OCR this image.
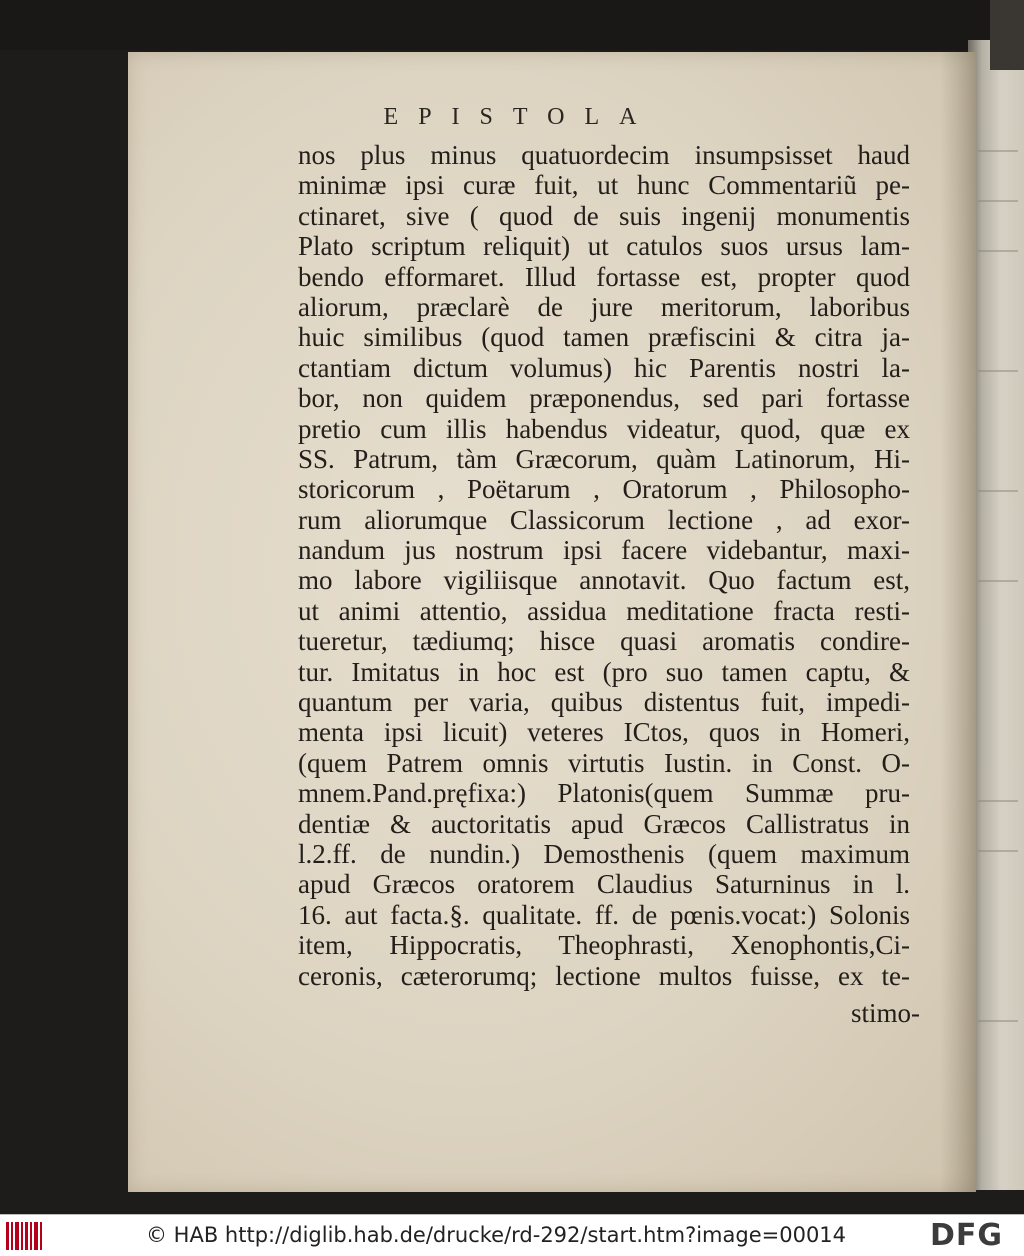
EPISTOLA
nos plus minus quatuordecim insumpsisset haud
minimæ ipsi curæ fuit, ut hunc Commentariũ pe-
ctinaret, sive ( quod de suis ingenij monumentis
Plato scriptum reliquit) ut catulos suos ursus lam-
bendo efformaret. Illud fortasse est, propter quod
aliorum, præclarè de jure meritorum, laboribus
huic similibus (quod tamen præfiscini & citra ja-
ctantiam dictum volumus) hic Parentis nostri la-
bor, non quidem præponendus, sed pari fortasse
pretio cum illis habendus videatur, quod, quæ ex
SS. Patrum, tàm Græcorum, quàm Latinorum, Hi-
storicorum , Poëtarum , Oratorum , Philosopho-
rum aliorumque Classicorum lectione , ad exor-
nandum jus nostrum ipsi facere videbantur, maxi-
mo labore vigiliisque annotavit. Quo factum est,
ut animi attentio, assidua meditatione fracta resti-
tueretur, tædiumq; hisce quasi aromatis condire-
tur. Imitatus in hoc est (pro suo tamen captu, &
quantum per varia, quibus distentus fuit, impedi-
menta ipsi licuit) veteres ICtos, quos in Homeri,
(quem Patrem omnis virtutis Iustin. in Const. O-
mnem.Pand.pręfixa:) Platonis(quem Summæ pru-
dentiæ & auctoritatis apud Græcos Callistratus in
l.2.ff. de nundin.) Demosthenis (quem maximum
apud Græcos oratorem Claudius Saturninus in l.
16. aut facta.§. qualitate. ff. de pœnis.vocat:) Solonis
item, Hippocratis, Theophrasti, Xenophontis,Ci-
ceronis, cæterorumq; lectione multos fuisse, ex te-
stimo-
© HAB http://diglib.hab.de/drucke/rd-292/start.htm?image=00014	DFG
